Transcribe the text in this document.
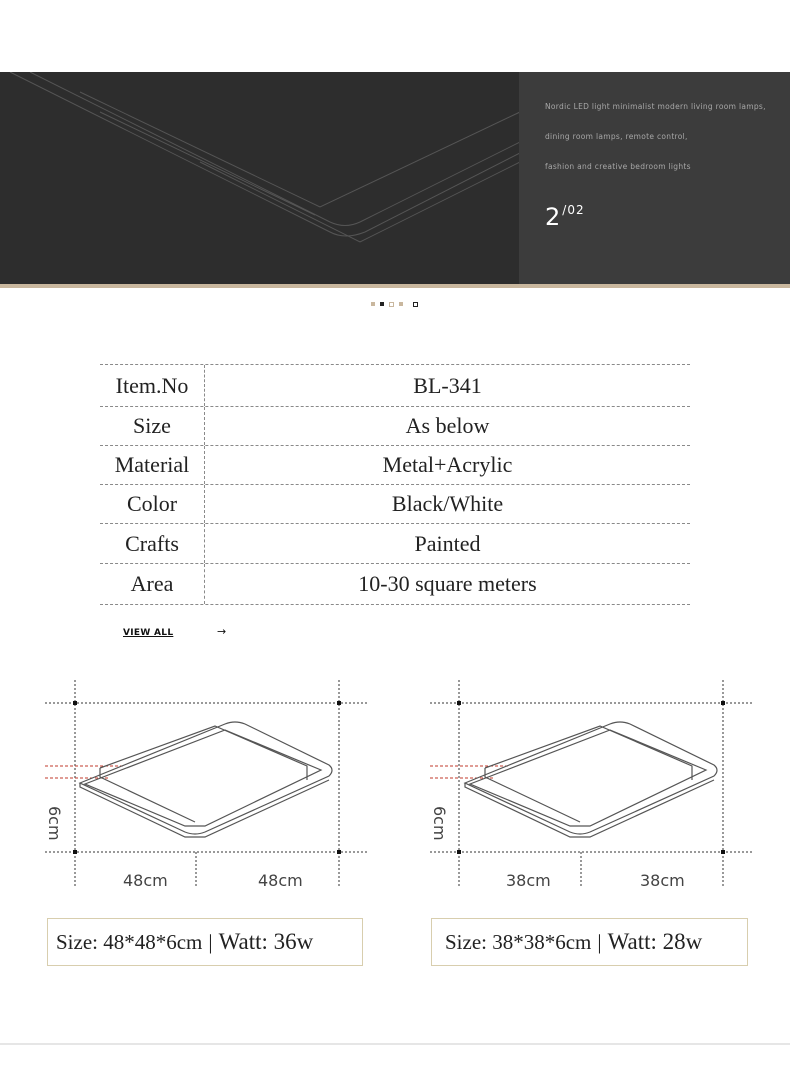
Nordic LED light minimalist modern living room lamps,
dining room lamps, remote control,
fashion and creative bedroom lights
2 $^{/02}$
Item.No	BL-341
Size	As below
Material	Metal+Acrylic
Color	Black/White
Crafts	Painted
Area	10-30 square meters
VIEW ALL	→
48cm	48cm
6cm
38cm	38cm
6cm
Size: 48*48*6cm | Watt: 36w	Size: 38*38*6cm | Watt: 28w
